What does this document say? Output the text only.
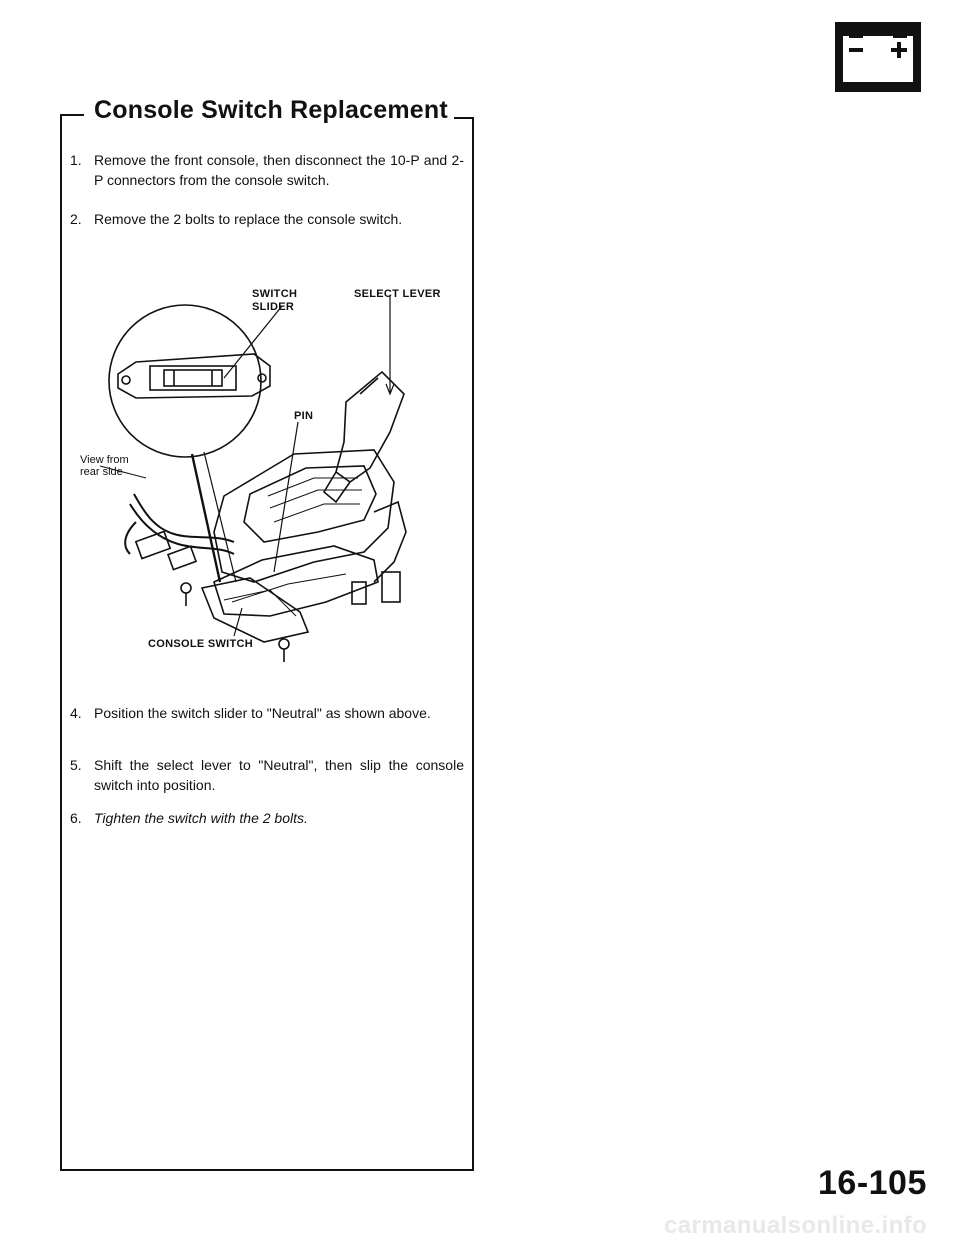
Console Switch Replacement
1. Remove the front console, then disconnect the 10-P and 2-P connectors from the console switch.
2. Remove the 2 bolts to replace the console switch.
SWITCH
SLIDER
SELECT LEVER
PIN
CONSOLE SWITCH
View from
rear side
4. Position the switch slider to "Neutral" as shown above.
5. Shift the select lever to "Neutral", then slip the console switch into position.
6. Tighten the switch with the 2 bolts.
16-105
carmanualsonline.info
